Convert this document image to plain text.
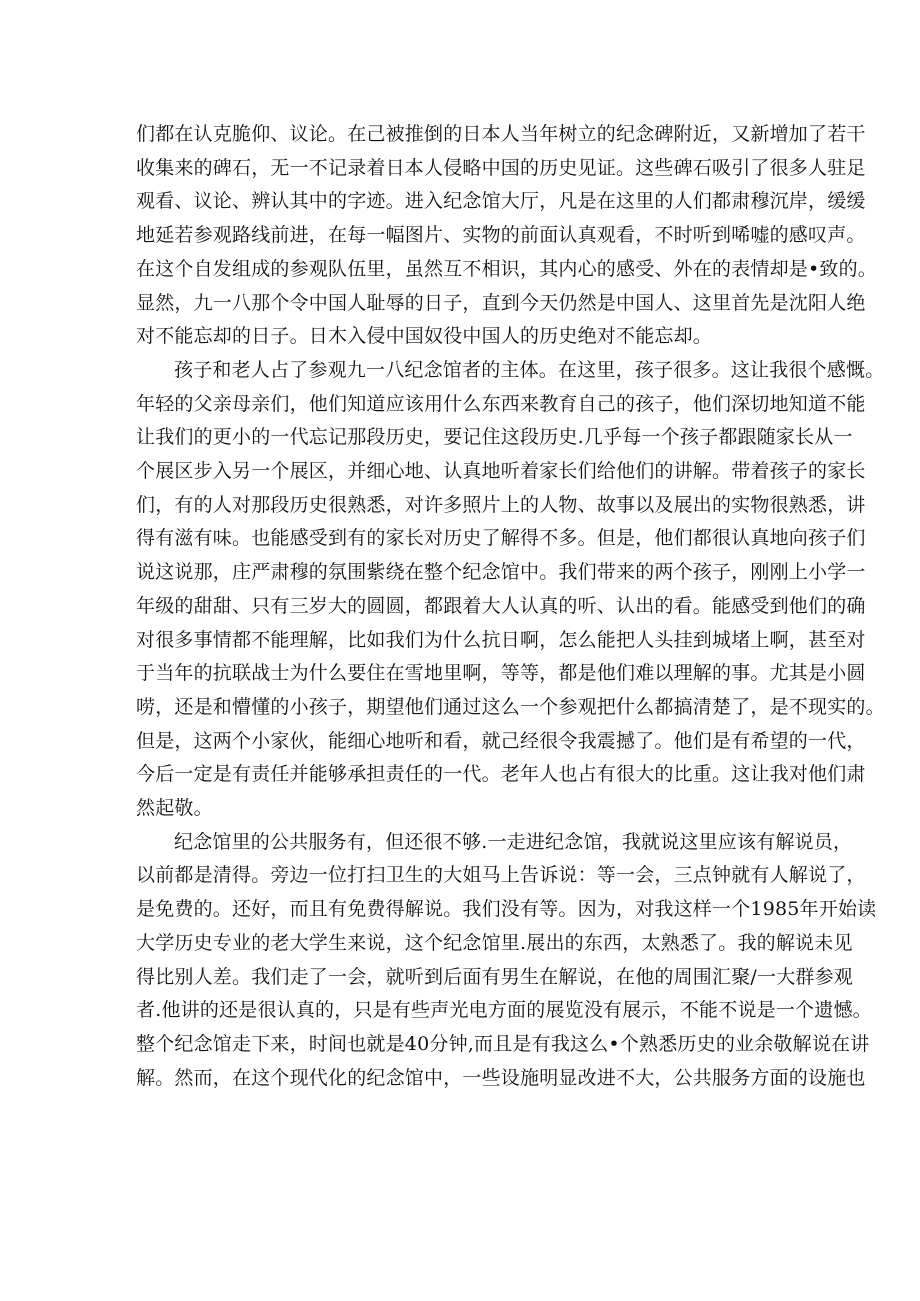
们都在认克脆仰、议论。在己被推倒的日本人当年树立的纪念碑附近，又新增加了若干
收集来的碑石，无一不记录着日本人侵略中国的历史见证。这些碑石吸引了很多人驻足
观看、议论、辨认其中的字迹。进入纪念馆大厅，凡是在这里的人们都肃穆沉岸，缓缓
地延若参观路线前进，在每一幅图片、实物的前面认真观看，不时听到唏嘘的感叹声。
在这个自发组成的参观队伍里，虽然互不相识，其内心的感受、外在的表情却是•致的。
显然，九一八那个令中国人耻辱的日子，直到今天仍然是中国人、这里首先是沈阳人绝
对不能忘却的日子。日木入侵中国奴役中国人的历史绝对不能忘却。
孩子和老人占了参观九一八纪念馆者的主体。在这里，孩子很多。这让我很个感慨。
年轻的父亲母亲们，他们知道应该用什么东西来教育自己的孩子，他们深切地知道不能
让我们的更小的一代忘记那段历史，要记住这段历史.几乎每一个孩子都跟随家长从一
个展区步入另一个展区，并细心地、认真地听着家长们给他们的讲解。带着孩子的家长
们，有的人对那段历史很熟悉，对许多照片上的人物、故事以及展出的实物很熟悉，讲
得有滋有味。也能感受到有的家长对历史了解得不多。但是，他们都很认真地向孩子们
说这说那，庄严肃穆的氛围紫绕在整个纪念馆中。我们带来的两个孩子，刚刚上小学一
年级的甜甜、只有三岁大的圆圆，都跟着大人认真的听、认出的看。能感受到他们的确
对很多事情都不能理解，比如我们为什么抗日啊，怎么能把人头挂到城堵上啊，甚至对
于当年的抗联战士为什么要住在雪地里啊，等等，都是他们难以理解的事。尤其是小圆
唠，还是和懵懂的小孩子，期望他们通过这么一个参观把什么都搞清楚了，是不现实的。
但是，这两个小家伙，能细心地听和看，就己经很令我震撼了。他们是有希望的一代，
今后一定是有责任并能够承担责任的一代。老年人也占有很大的比重。这让我对他们肃
然起敬。
纪念馆里的公共服务有，但还很不够.一走进纪念馆，我就说这里应该有解说员，
以前都是清得。旁边一位打扫卫生的大姐马上告诉说：等一会，三点钟就有人解说了，
是免费的。还好，而且有免费得解说。我们没有等。因为，对我这样一个1985年开始读
大学历史专业的老大学生来说，这个纪念馆里.展出的东西，太熟悉了。我的解说未见
得比别人差。我们走了一会，就听到后面有男生在解说，在他的周围汇聚/一大群参观
者.他讲的还是很认真的，只是有些声光电方面的展览没有展示，不能不说是一个遗憾。
整个纪念馆走下来，时间也就是40分钟,而且是有我这么•个熟悉历史的业余敬解说在讲
解。然而，在这个现代化的纪念馆中，一些设施明显改进不大，公共服务方面的设施也
